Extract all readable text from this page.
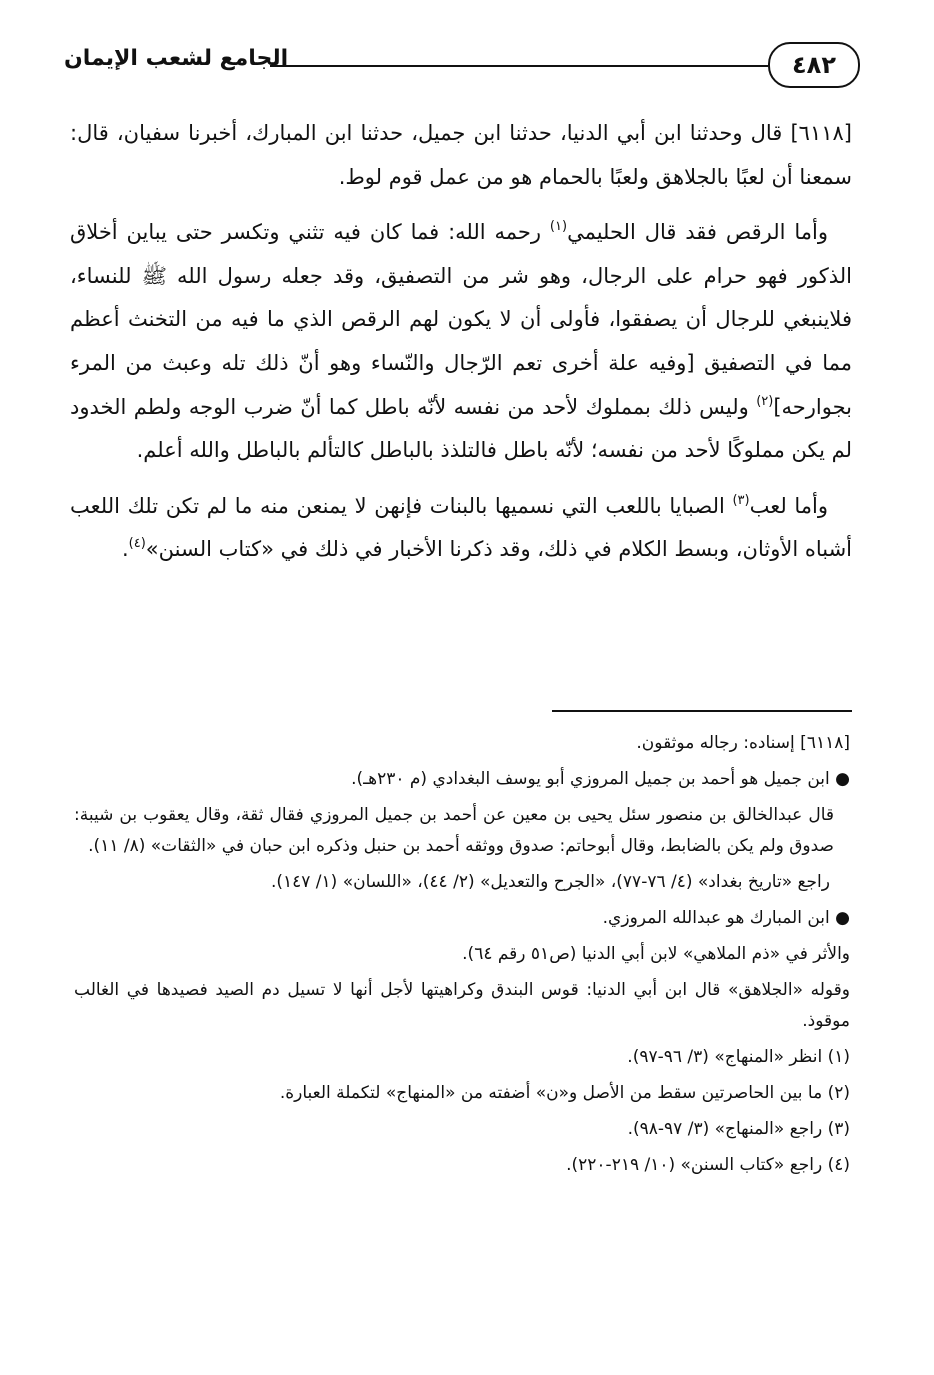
الجامع لشعب الإيمان	٤٨٢

[٦١١٨] قال وحدثنا ابن أبي الدنيا، حدثنا ابن جميل، حدثنا ابن المبارك، أخبرنا سفيان، قال: سمعنا أن لعبًا بالجلاهق ولعبًا بالحمام هو من عمل قوم لوط.

وأما الرقص فقد قال الحليمي$^{(١)}$ رحمه الله: فما كان فيه تثني وتكسر حتى يباين أخلاق الذكور فهو حرام على الرجال، وهو شر من التصفيق، وقد جعله رسول الله ﷺ للنساء، فلاينبغي للرجال أن يصفقوا، فأولى أن لا يكون لهم الرقص الذي ما فيه من التخنث أعظم مما في التصفيق [وفيه علة أخرى تعم الرّجال والنّساء وهو أنّ ذلك تله وعبث من المرء بجوارحه]$^{(٢)}$ وليس ذلك بمملوك لأحد من نفسه لأنّه باطل كما أنّ ضرب الوجه ولطم الخدود لم يكن مملوكًا لأحد من نفسه؛ لأنّه باطل فالتلذذ بالباطل كالتألم بالباطل والله أعلم.

وأما لعب$^{(٣)}$ الصبايا باللعب التي نسميها بالبنات فإنهن لا يمنعن منه ما لم تكن تلك اللعب أشباه الأوثان، وبسط الكلام في ذلك، وقد ذكرنا الأخبار في ذلك في «كتاب السنن»$^{(٤)}$.

[٦١١٨] إسناده: رجاله موثقون.

● ابن جميل هو أحمد بن جميل المروزي أبو يوسف البغدادي (م ٢٣٠هـ).

قال عبدالخالق بن منصور سئل يحيى بن معين عن أحمد بن جميل المروزي فقال ثقة، وقال يعقوب بن شيبة: صدوق ولم يكن بالضابط، وقال أبوحاتم: صدوق ووثقه أحمد بن حنبل وذكره ابن حبان في «الثقات» (٨/ ١١).

راجع «تاريخ بغداد» (٤/ ٧٦-٧٧)، «الجرح والتعديل» (٢/ ٤٤)، «اللسان» (١/ ١٤٧).

● ابن المبارك هو عبدالله المروزي.

والأثر في «ذم الملاهي» لابن أبي الدنيا (ص٥١ رقم ٦٤).

وقوله «الجلاهق» قال ابن أبي الدنيا: قوس البندق وكراهيتها لأجل أنها لا تسيل دم الصيد فصيدها في الغالب موقوذ.

(١) انظر «المنهاج» (٣/ ٩٦-٩٧).

(٢) ما بين الحاصرتين سقط من الأصل و«ن» أضفته من «المنهاج» لتكملة العبارة.

(٣) راجع «المنهاج» (٣/ ٩٧-٩٨).

(٤) راجع «كتاب السنن» (١٠/ ٢١٩-٢٢٠).
